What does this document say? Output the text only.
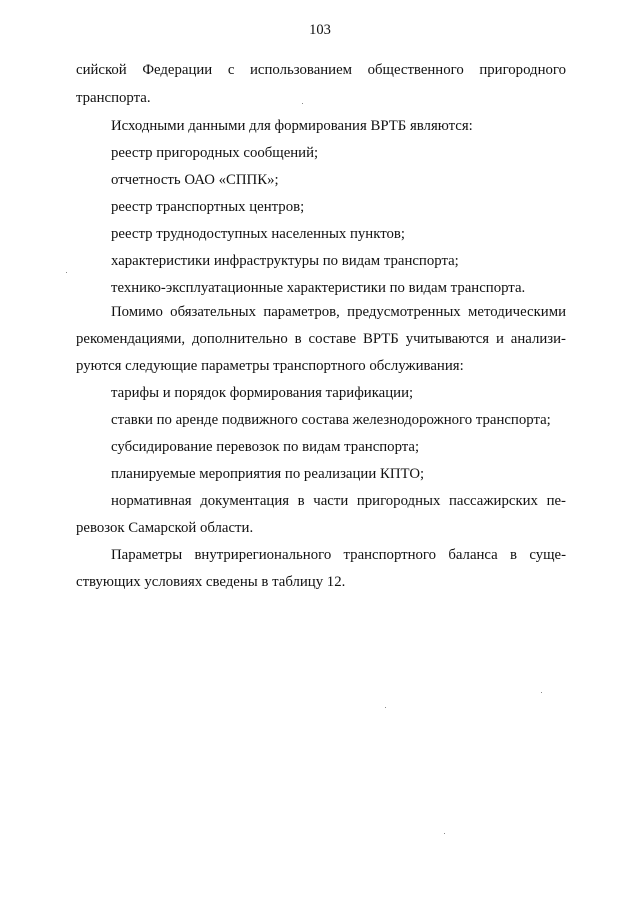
103
сийской Федерации с использованием общественного пригородного
транспорта.
Исходными данными для формирования ВРТБ являются:
реестр пригородных сообщений;
отчетность ОАО «СППК»;
реестр транспортных центров;
реестр труднодоступных населенных пунктов;
характеристики инфраструктуры по видам транспорта;
технико-эксплуатационные характеристики по видам транспорта.
Помимо обязательных параметров, предусмотренных методическими
рекомендациями, дополнительно в составе ВРТБ учитываются и анализи-
руются следующие параметры транспортного обслуживания:
тарифы и порядок формирования тарификации;
ставки по аренде подвижного состава железнодорожного транспорта;
субсидирование перевозок по видам транспорта;
планируемые мероприятия по реализации КПТО;
нормативная документация в части пригородных пассажирских пе-
ревозок Самарской области.
Параметры внутрирегионального транспортного баланса в суще-
ствующих условиях сведены в таблицу 12.
